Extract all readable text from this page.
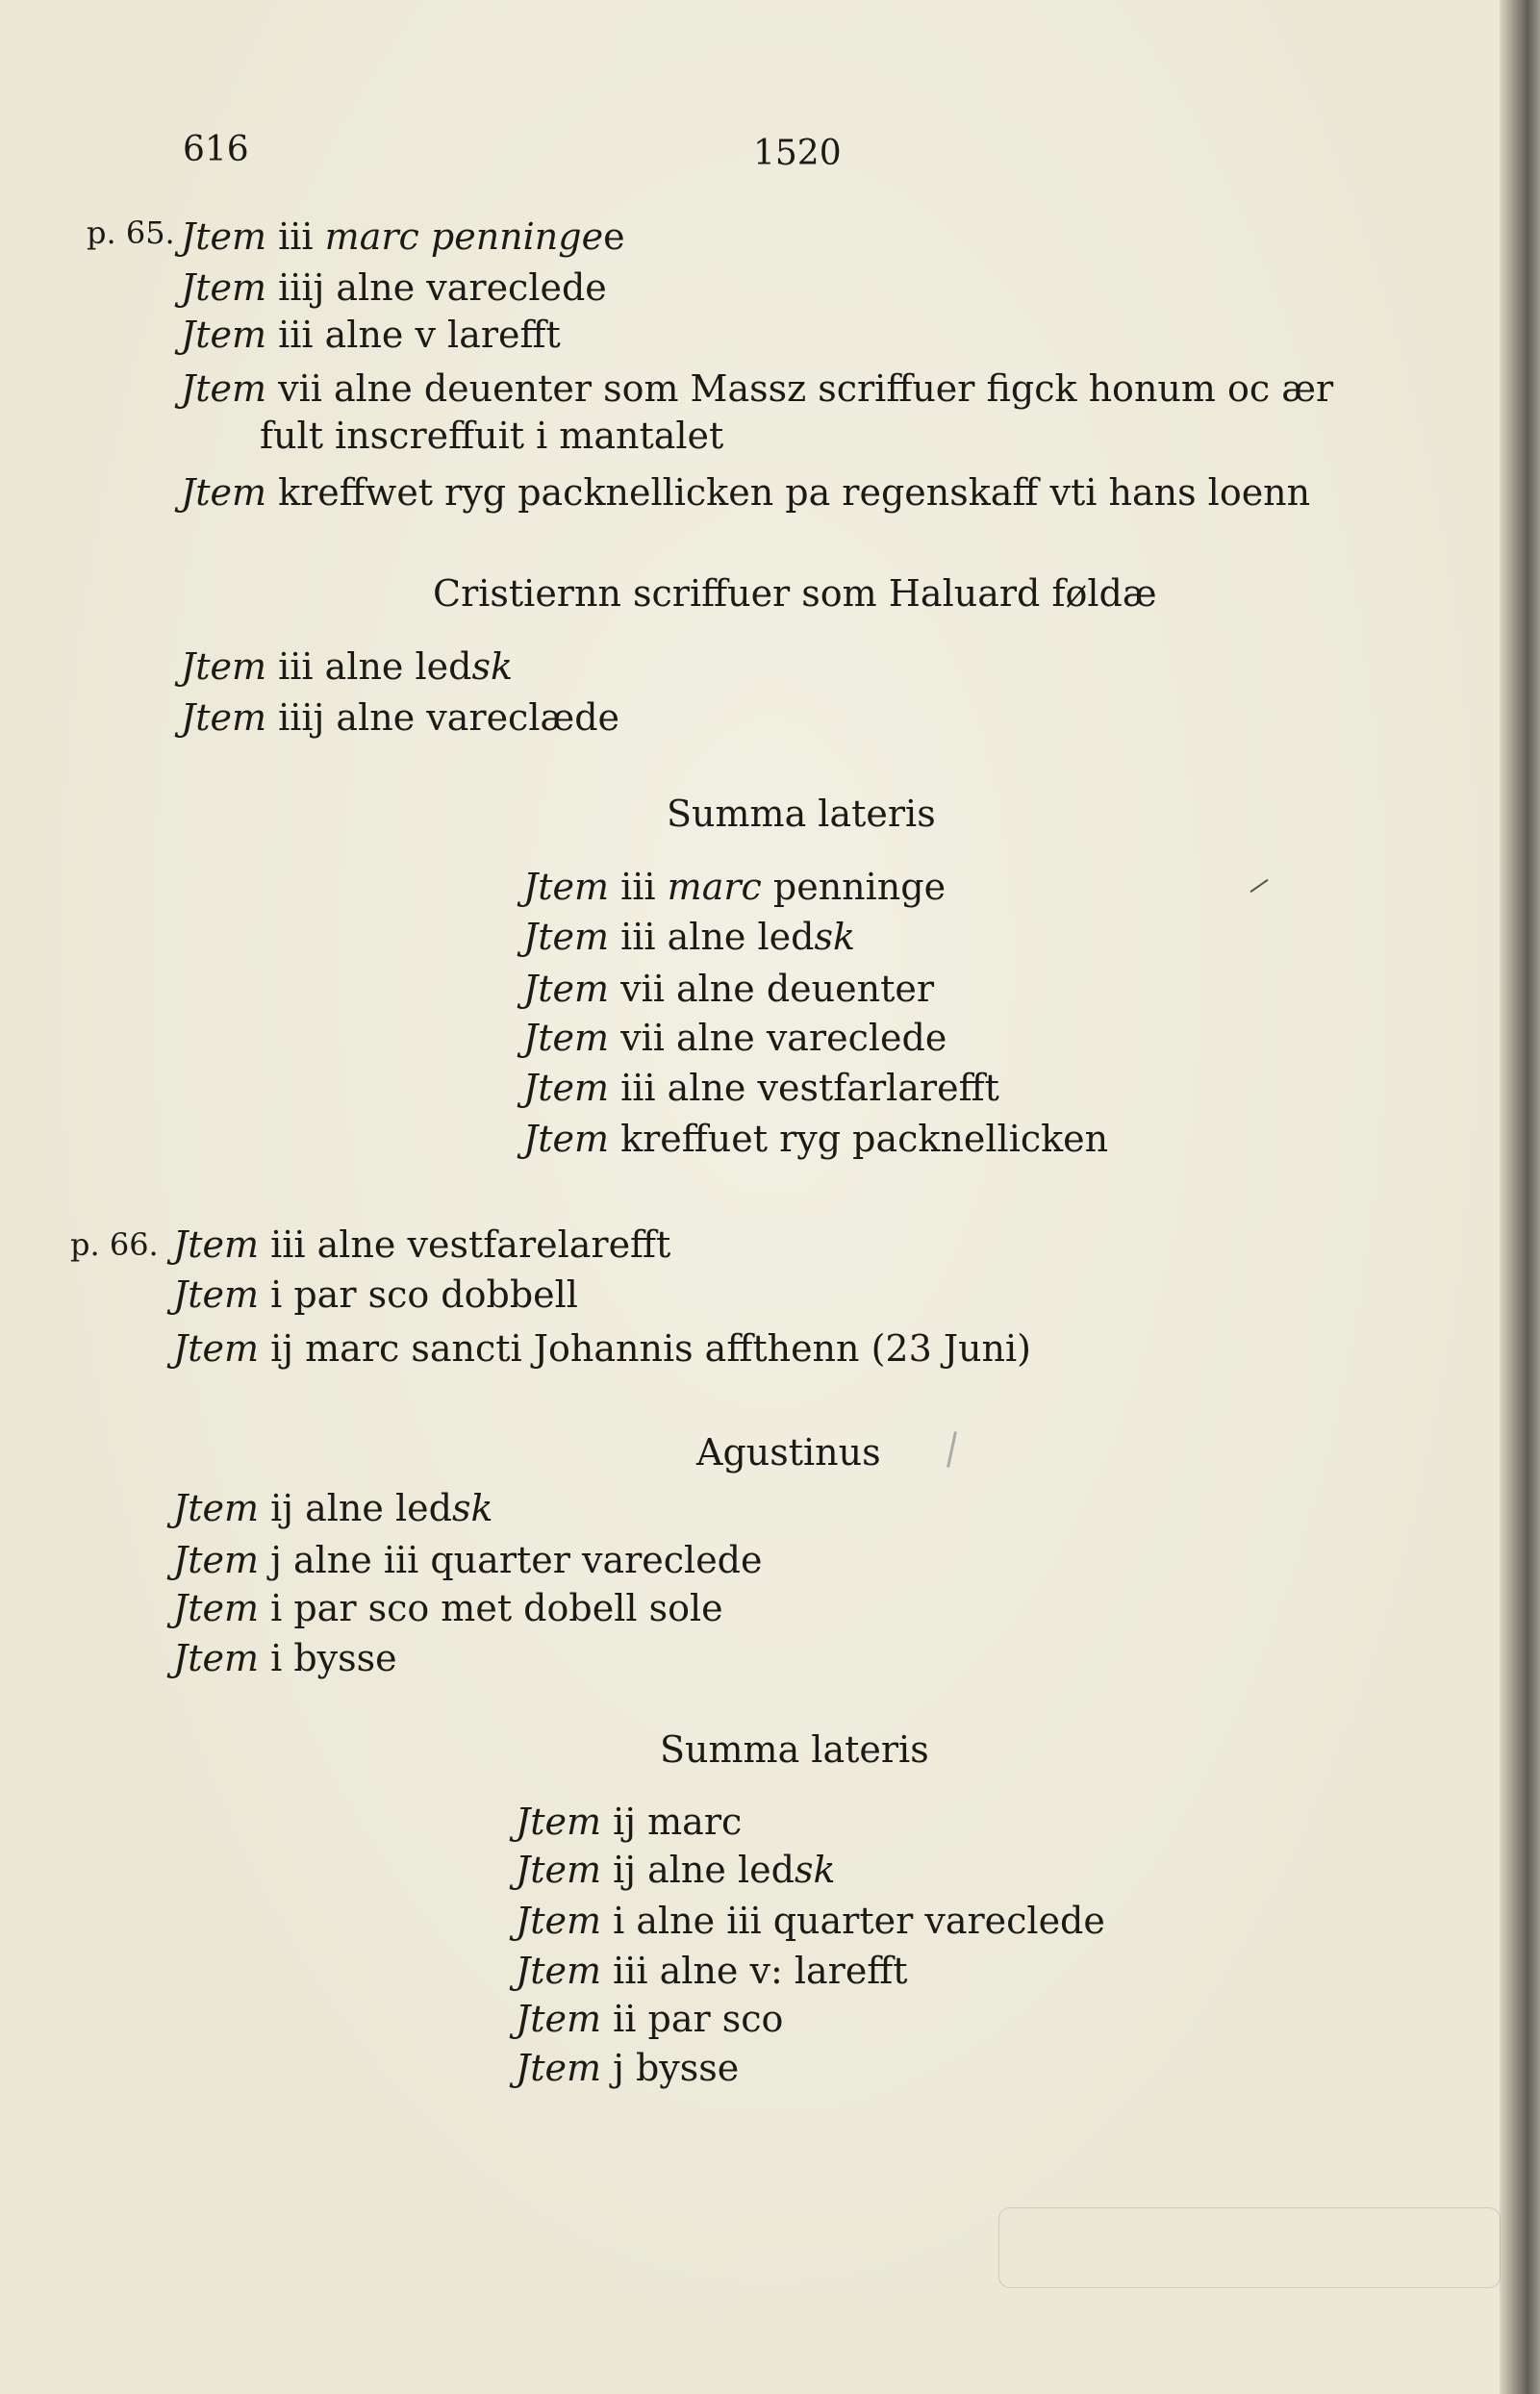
616	1520
p. 65. Jtem iii marc penningee
Jtem iiij alne vareclede
Jtem iii alne v larefft
Jtem vii alne deuenter som Massz scriffuer figck honum oc ær
fult inscreffuit i mantalet
Jtem kreffwet ryg packnellicken pa regenskaff vti hans loenn
Cristiernn scriffuer som Haluard føldæ
Jtem iii alne ledsk
Jtem iiij alne vareclæde
Summa lateris
Jtem iii marc penninge
Jtem iii alne ledsk
Jtem vii alne deuenter
Jtem vii alne vareclede
Jtem iii alne vestfarlarefft
Jtem kreffuet ryg packnellicken
p. 66. Jtem iii alne vestfarelarefft
Jtem i par sco dobbell
Jtem ij marc sancti Johannis affthenn (23 Juni)
Agustinus
Jtem ij alne ledsk
Jtem j alne iii quarter vareclede
Jtem i par sco met dobell sole
Jtem i bysse
Summa lateris
Jtem ij marc
Jtem ij alne ledsk
Jtem i alne iii quarter vareclede
Jtem iii alne v: larefft
Jtem ii par sco
Jtem j bysse
